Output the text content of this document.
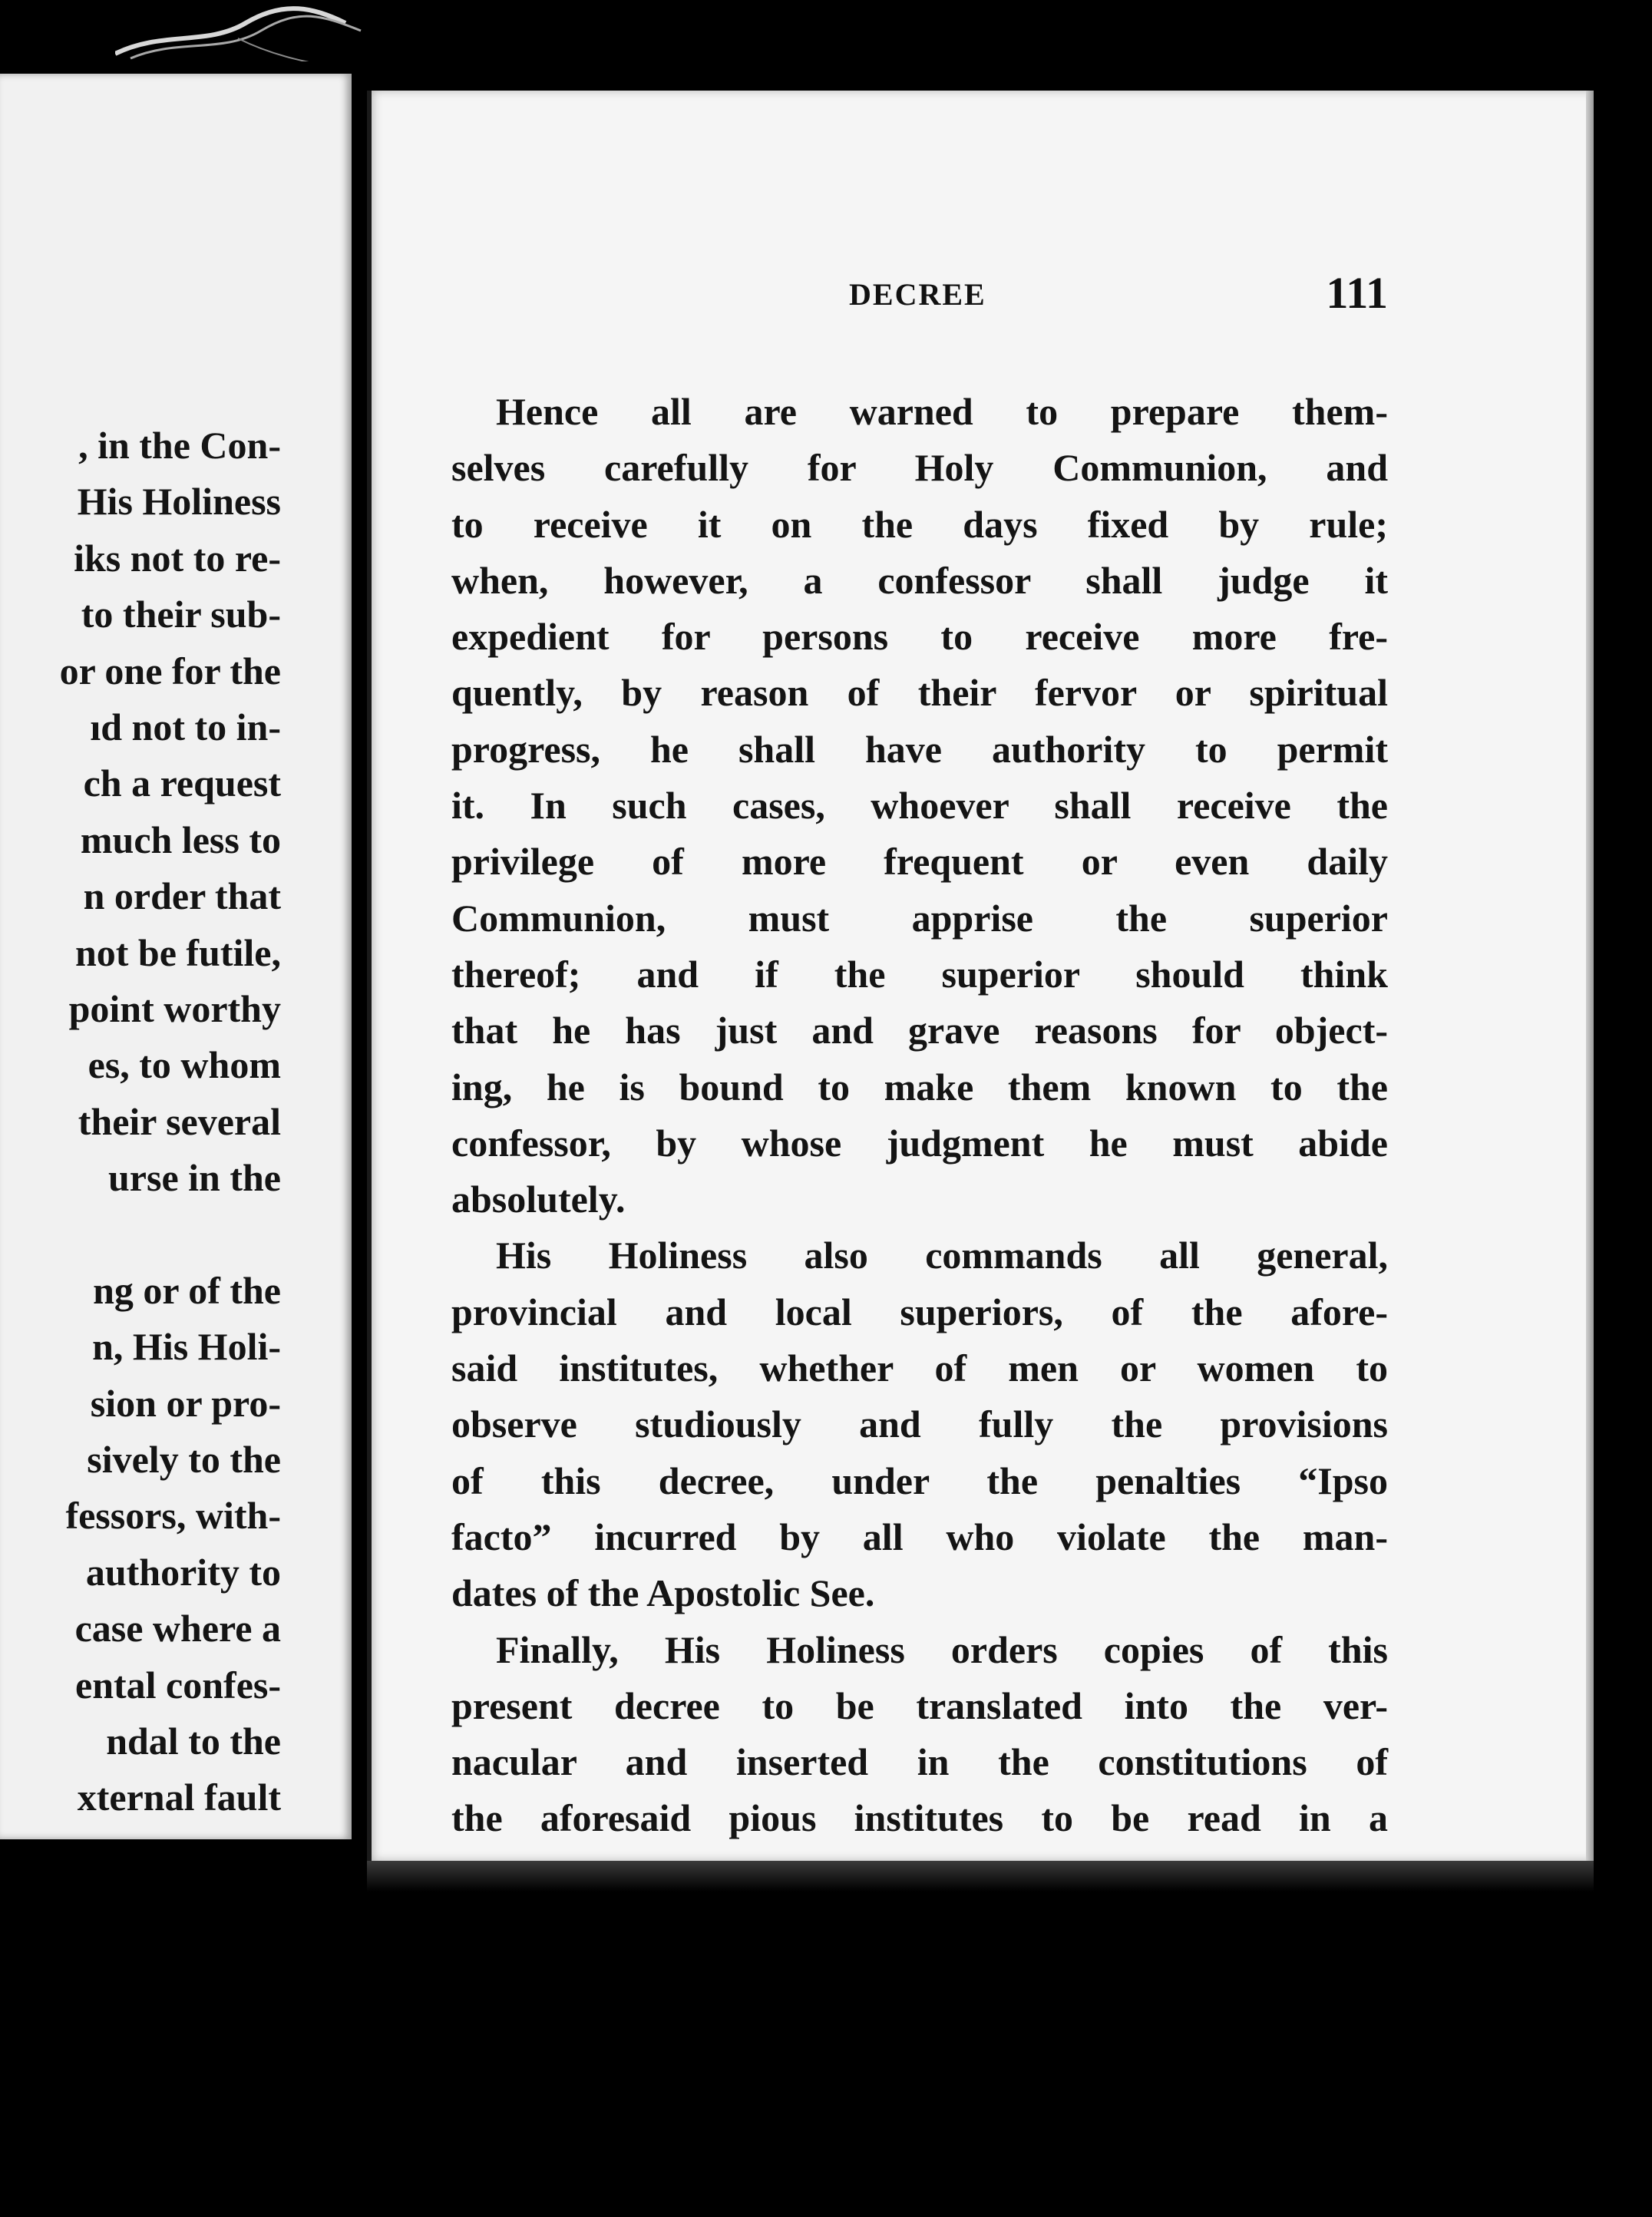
, in the Con-
His Holiness
iks not to re-
to their sub-
or one for the
ıd not to in-
ch a request
much less to
n order that
not be futile,
point worthy
es, to whom
their several
urse in the
ng or of the
n, His Holi-
sion or pro-
sively to the
fessors, with-
authority to
case where a
ental confes-
ndal to the
xternal fault
DECREE	111

Hence all are warned to prepare them-
selves carefully for Holy Communion, and
to receive it on the days fixed by rule;
when, however, a confessor shall judge it
expedient for persons to receive more fre-
quently, by reason of their fervor or spiritual
progress, he shall have authority to permit
it. In such cases, whoever shall receive the
privilege of more frequent or even daily
Communion, must apprise the superior
thereof; and if the superior should think
that he has just and grave reasons for object-
ing, he is bound to make them known to the
confessor, by whose judgment he must abide
absolutely.

His Holiness also commands all general,
provincial and local superiors, of the afore-
said institutes, whether of men or women to
observe studiously and fully the provisions
of this decree, under the penalties “Ipso
facto” incurred by all who violate the man-
dates of the Apostolic See.

Finally, His Holiness orders copies of this
present decree to be translated into the ver-
nacular and inserted in the constitutions of
the aforesaid pious institutes to be read in a
